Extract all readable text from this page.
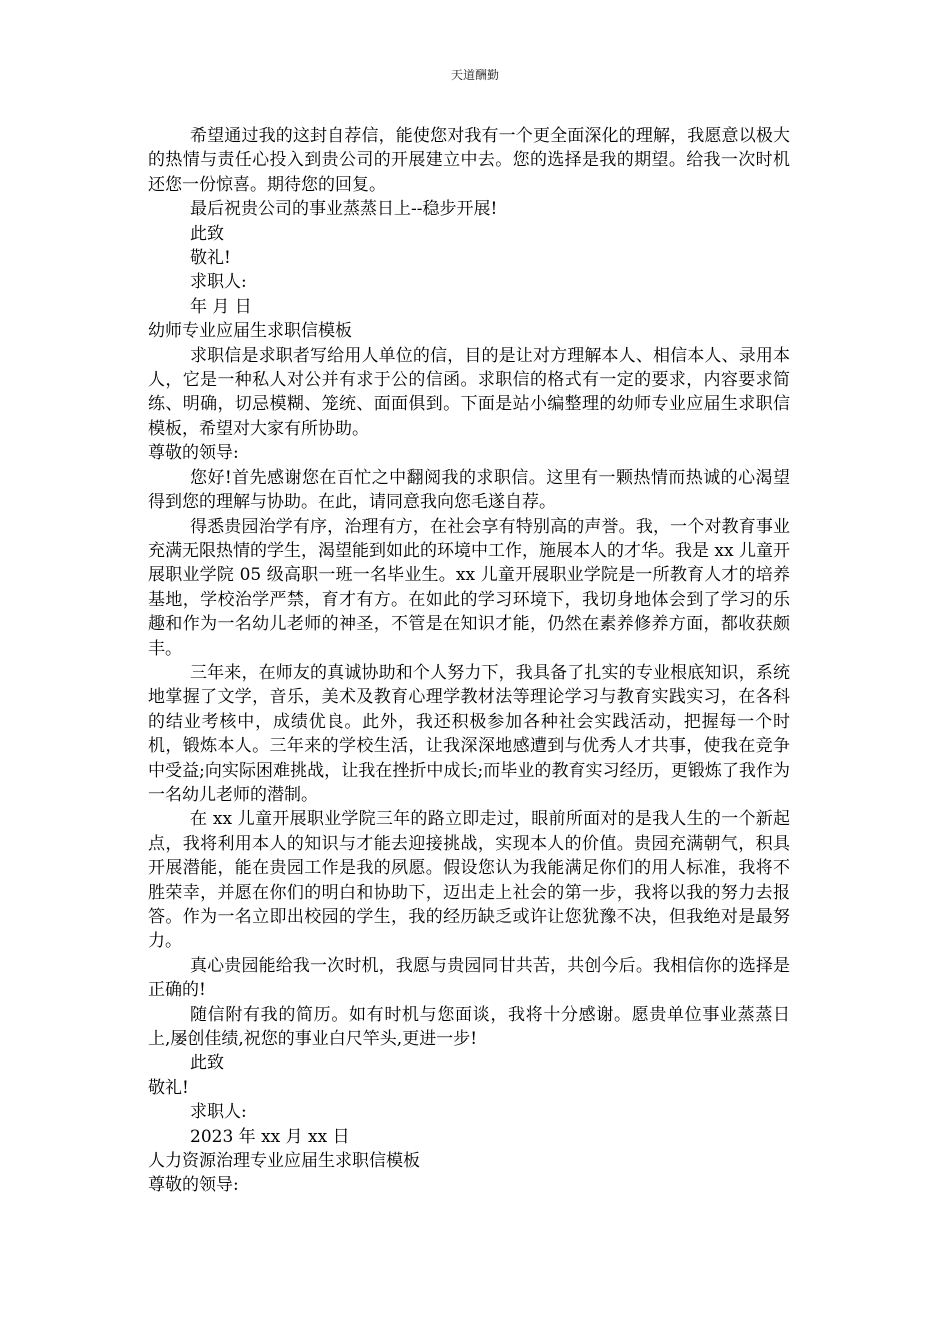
天道酬勤

希望通过我的这封自荐信，能使您对我有一个更全面深化的理解，我愿意以极大的热情与责任心投入到贵公司的开展建立中去。您的选择是我的期望。给我一次时机还您一份惊喜。期待您的回复。

最后祝贵公司的事业蒸蒸日上--稳步开展!

此致

敬礼!

求职人:

年 月 日

幼师专业应届生求职信模板

求职信是求职者写给用人单位的信，目的是让对方理解本人、相信本人、录用本人，它是一种私人对公并有求于公的信函。求职信的格式有一定的要求，内容要求简练、明确，切忌模糊、笼统、面面俱到。下面是站小编整理的幼师专业应届生求职信模板，希望对大家有所协助。

尊敬的领导:

您好!首先感谢您在百忙之中翻阅我的求职信。这里有一颗热情而热诚的心渴望得到您的理解与协助。在此，请同意我向您毛遂自荐。

得悉贵园治学有序，治理有方，在社会享有特别高的声誉。我，一个对教育事业充满无限热情的学生，渴望能到如此的环境中工作，施展本人的才华。我是 xx 儿童开展职业学院 05 级高职一班一名毕业生。xx 儿童开展职业学院是一所教育人才的培养基地，学校治学严禁，育才有方。在如此的学习环境下，我切身地体会到了学习的乐趣和作为一名幼儿老师的神圣，不管是在知识才能，仍然在素养修养方面，都收获颇丰。

三年来，在师友的真诚协助和个人努力下，我具备了扎实的专业根底知识，系统地掌握了文学，音乐，美术及教育心理学教材法等理论学习与教育实践实习，在各科的结业考核中，成绩优良。此外，我还积极参加各种社会实践活动，把握每一个时机，锻炼本人。三年来的学校生活，让我深深地感遭到与优秀人才共事，使我在竞争中受益;向实际困难挑战，让我在挫折中成长;而毕业的教育实习经历，更锻炼了我作为一名幼儿老师的潜制。

在 xx 儿童开展职业学院三年的路立即走过，眼前所面对的是我人生的一个新起点，我将利用本人的知识与才能去迎接挑战，实现本人的价值。贵园充满朝气，积具开展潜能，能在贵园工作是我的夙愿。假设您认为我能满足你们的用人标准，我将不胜荣幸，并愿在你们的明白和协助下，迈出走上社会的第一步，我将以我的努力去报答。作为一名立即出校园的学生，我的经历缺乏或许让您犹豫不决，但我绝对是最努力。

真心贵园能给我一次时机，我愿与贵园同甘共苦，共创今后。我相信你的选择是正确的!

随信附有我的简历。如有时机与您面谈，我将十分感谢。愿贵单位事业蒸蒸日上,屡创佳绩,祝您的事业白尺竿头,更进一步!

此致

敬礼!

求职人:

2023 年 xx 月 xx 日

人力资源治理专业应届生求职信模板

尊敬的领导:
